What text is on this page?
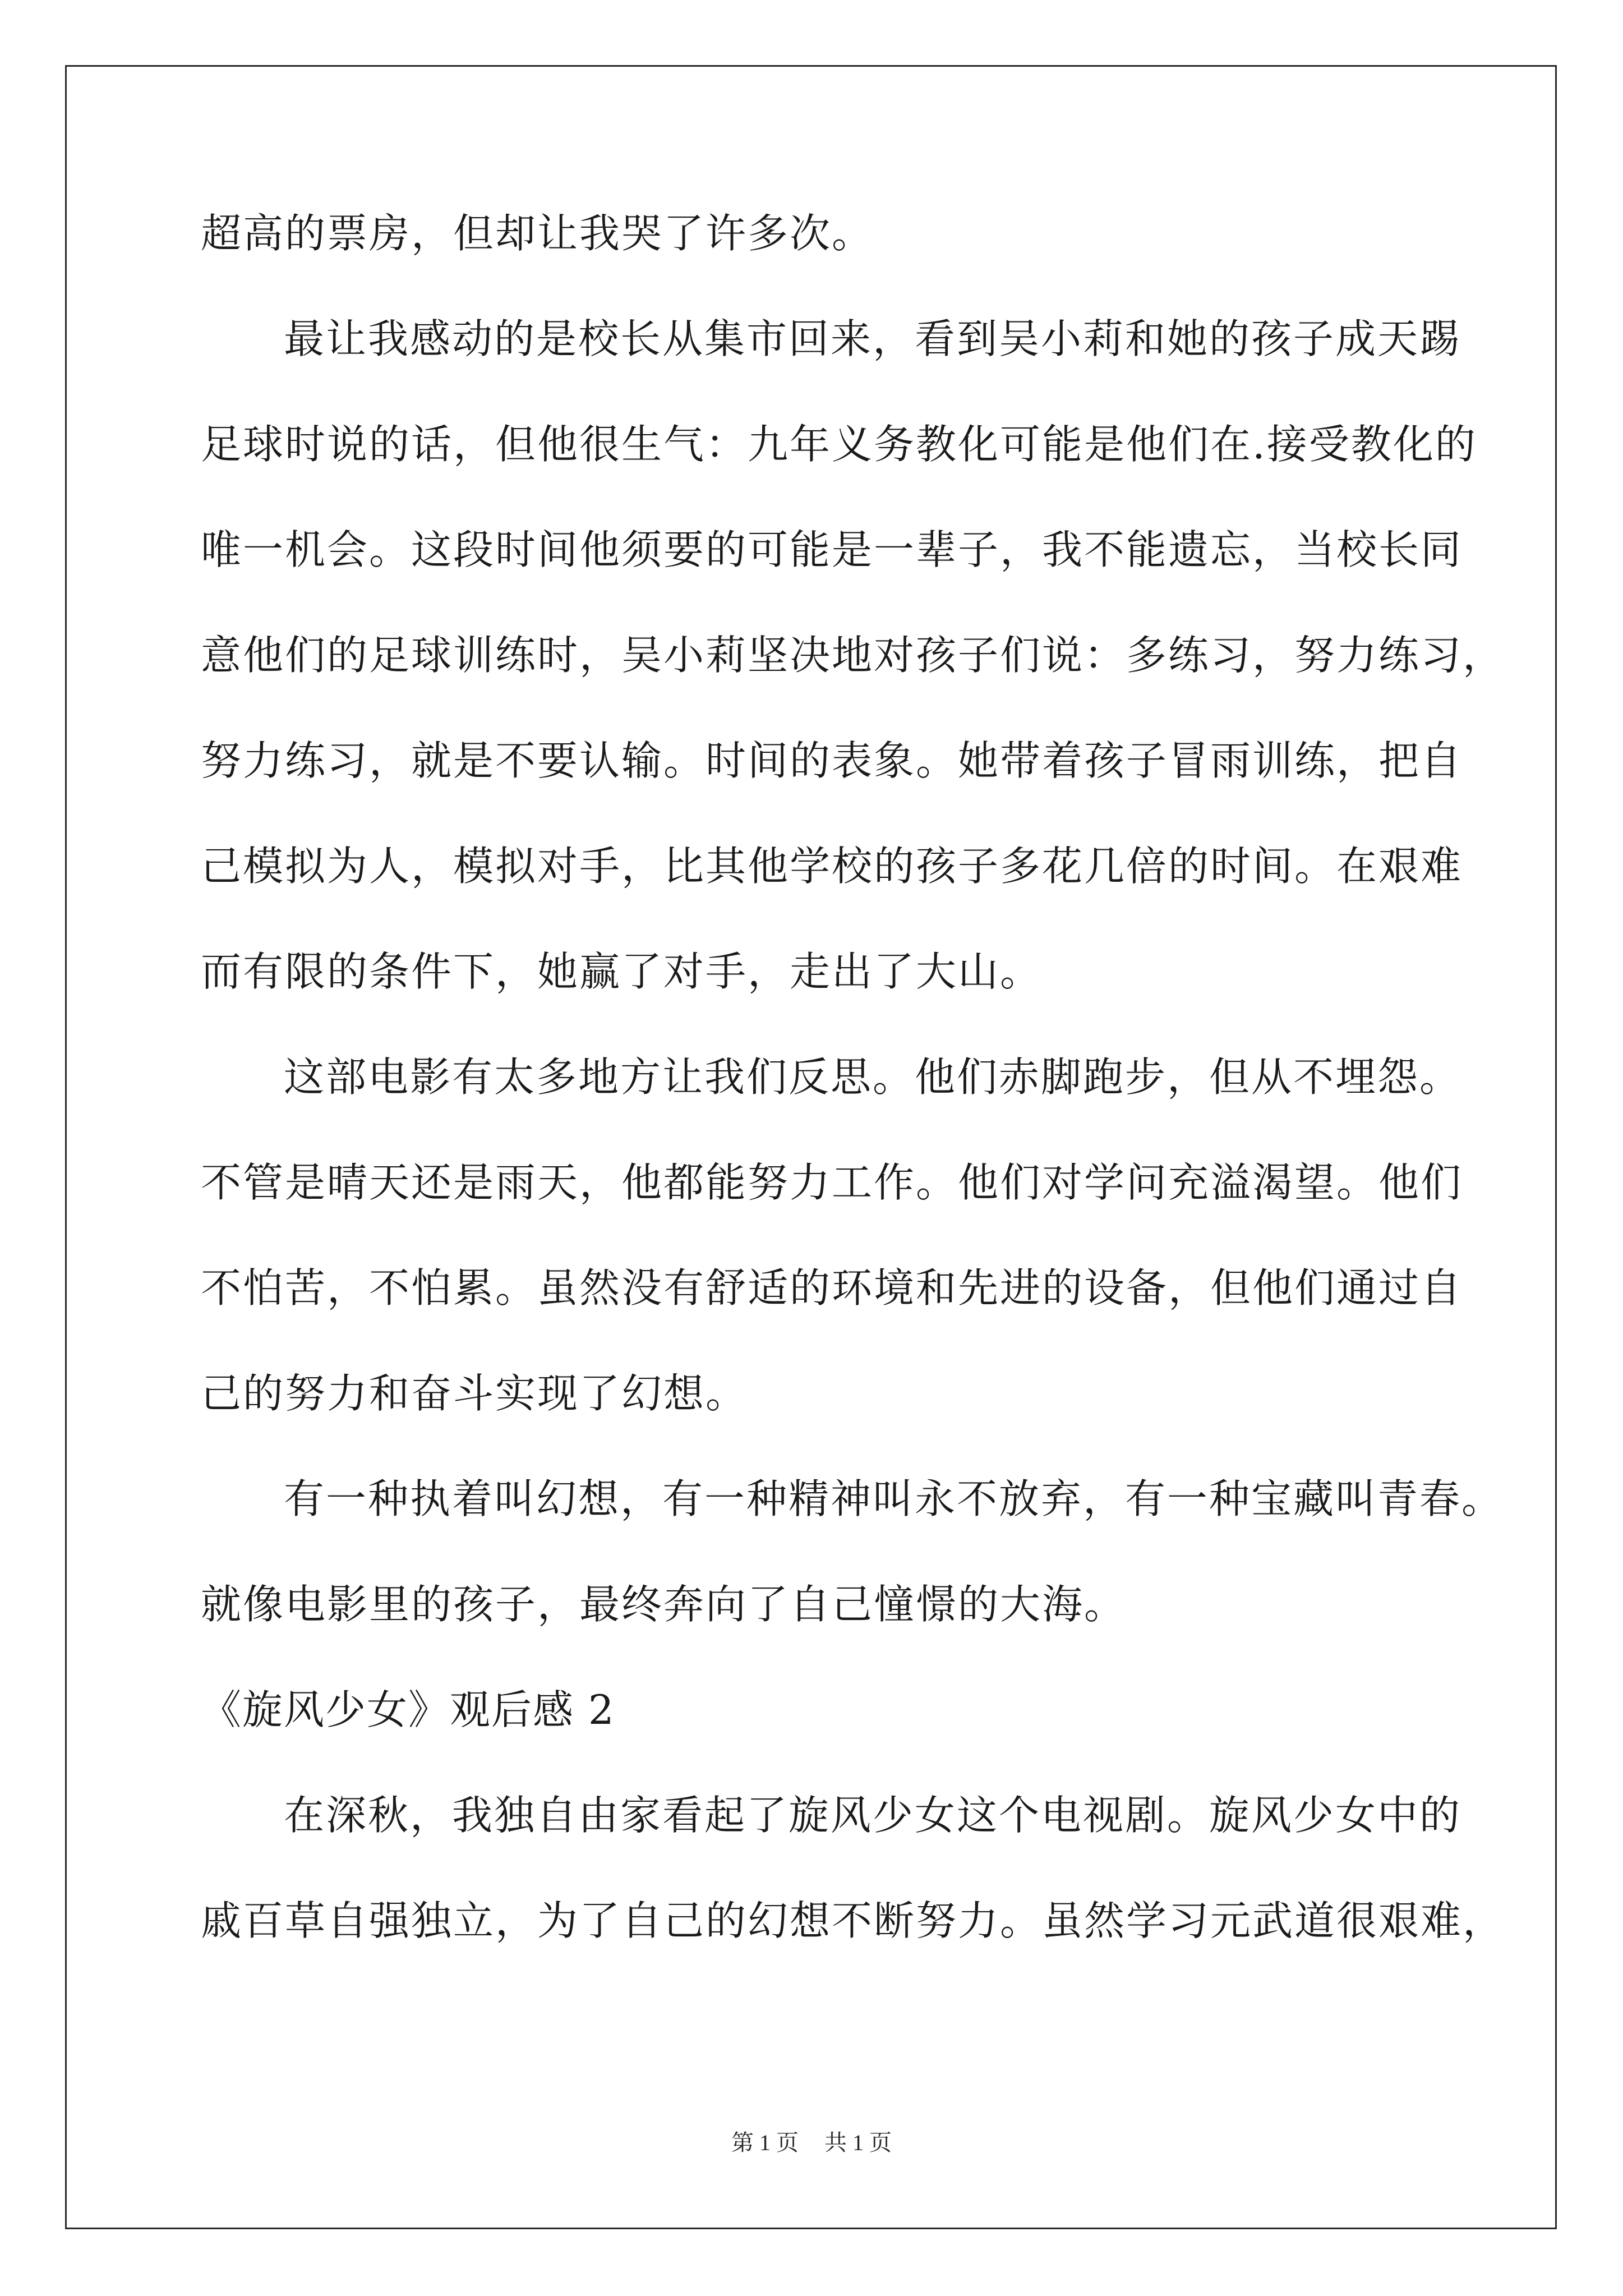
超高的票房，但却让我哭了许多次。
最让我感动的是校长从集市回来，看到吴小莉和她的孩子成天踢
足球时说的话，但他很生气：九年义务教化可能是他们在.接受教化的
唯一机会。这段时间他须要的可能是一辈子，我不能遗忘，当校长同
意他们的足球训练时，吴小莉坚决地对孩子们说：多练习，努力练习，
努力练习，就是不要认输。时间的表象。她带着孩子冒雨训练，把自
己模拟为人，模拟对手，比其他学校的孩子多花几倍的时间。在艰难
而有限的条件下，她赢了对手，走出了大山。
这部电影有太多地方让我们反思。他们赤脚跑步，但从不埋怨。
不管是晴天还是雨天，他都能努力工作。他们对学问充溢渴望。他们
不怕苦，不怕累。虽然没有舒适的环境和先进的设备，但他们通过自
己的努力和奋斗实现了幻想。
有一种执着叫幻想，有一种精神叫永不放弃，有一种宝藏叫青春。
就像电影里的孩子，最终奔向了自己憧憬的大海。
《旋风少女》观后感 2
在深秋，我独自由家看起了旋风少女这个电视剧。旋风少女中的
戚百草自强独立，为了自己的幻想不断努力。虽然学习元武道很艰难，
第 1 页 共 1 页
